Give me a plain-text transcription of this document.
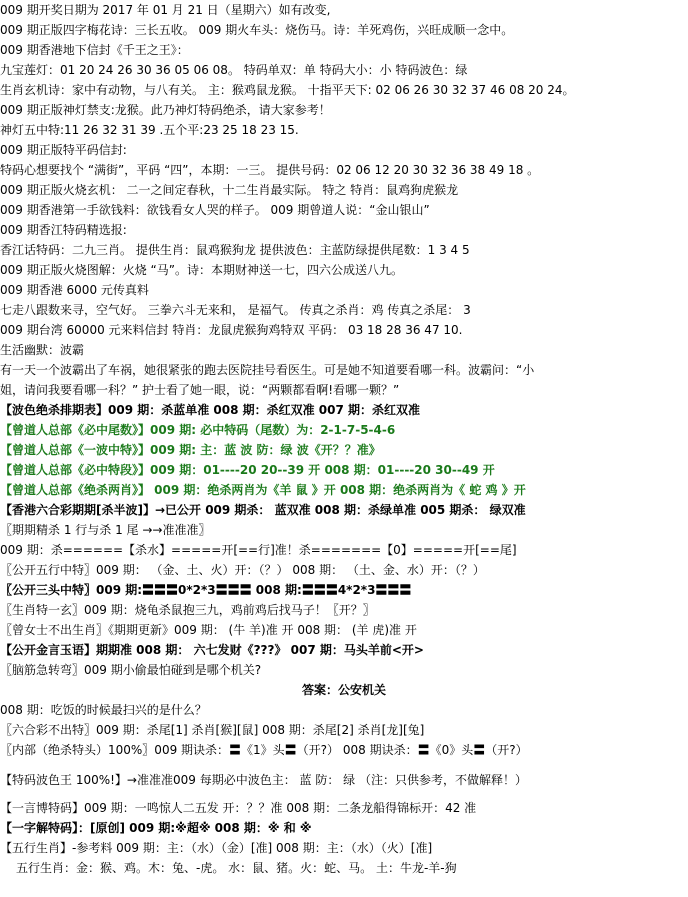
009 期开奖日期为 2017 年 01 月 21 日（星期六）如有改变,
009 期正版四字梅花诗：三长五收。 009 期火车头：烧伤马。诗：羊死鸡伤，兴旺成顺一念中。
009 期香港地下信封《千王之王》：
九宝莲灯：01 20 24 26 30 36 05 06 08。 特码单双：单 特码大小：小 特码波色：绿
生肖玄机诗：家中有动物，与八有关。 主：猴鸡鼠龙猴。 十指平天下: 02 06 26 30 32 37 46 08 20 24。
009 期正版神灯禁支:龙猴。此乃神灯特码绝杀，请大家参考！
神灯五中特:11 26 32 31 39 .五个平:23 25 18 23 15.
009 期正版特平码信封:
特码心想要找个 “满街”，平码 “四”，本期：一三。 提供号码：02 06 12 20 30 32 36 38 49 18 。
009 期正版火烧玄机： 二一之间定春秋，十二生肖最实际。 特之 特肖：鼠鸡狗虎猴龙
009 期香港第一手欲钱料：欲钱看女人哭的样子。 009 期曾道人说：“金山银山”
009 期香江特码精选报:
香江话特码：二九三肖。 提供生肖：鼠鸡猴狗龙 提供波色：主蓝防绿提供尾数：1 3 4 5
009 期正版火烧图解：火烧 “马”。诗：本期财神送一七，四六公成送八九。
009 期香港 6000 元传真料
七走八跟数来寻，空气好。 三拳六斗无来和， 是福气。 传真之杀肖：鸡 传真之杀尾： 3
009 期台湾 60000 元来料信封 特肖：龙鼠虎猴狗鸡特双 平码： 03 18 28 36 47 10.
生活幽默：波霸
有一天一个波霸出了车祸，她很紧张的跑去医院挂号看医生。可是她不知道要看哪一科。波霸问：“小
姐，请问我要看哪一科？” 护士看了她一眼，说：“两颗都看啊!看哪一颗？”
【波色绝杀排期表】009 期：杀蓝单准 008 期：杀红双准 007 期：杀红双准
【曾道人总部《必中尾数》】009 期: 必中特码（尾数）为：2-1-7-5-4-6
【曾道人总部《一波中特》】009 期: 主：蓝 波 防：绿 波《开？？准》
【曾道人总部《必中特段》】009 期：01----20 20--39 开 008 期：01----20 30--49 开
【曾道人总部《绝杀两肖》】 009 期：绝杀两肖为《羊 鼠 》开 008 期：绝杀两肖为《 蛇 鸡 》开
【香港六合彩期期[杀半波]】→已公开 009 期杀： 蓝双准 008 期：杀绿单准 005 期杀： 绿双准
〖期期精杀 1 行与杀 1 尾 →→准准准〗
009 期：杀======【杀水】=====开[==行]准！杀=======【0】=====开[==尾]
〖公开五行中特〗009 期： （金、土、火）开：（？） 008 期： （土、金、水）开：（？）
〖公开三头中特〗009 期:〓〓〓0*2*3〓〓〓 008 期:〓〓〓4*2*3〓〓〓
〖生肖特一玄〗009 期：烧龟杀鼠抱三九，鸡前鸡后找马子！〖开？〗
〖曾女士不出生肖〗《期期更新》009 期： (牛 羊)准 开 008 期： (羊 虎)准 开
【公开金言玉语】期期准 008 期： 六七发财《???》 007 期：马头羊前<开>
〖脑筋急转弯〗009 期小偷最怕碰到是哪个机关?
答案：公安机关
008 期：吃饭的时候最扫兴的是什么？
〖六合彩不出特〗009 期：杀尾[1] 杀肖[猴][鼠] 008 期：杀尾[2] 杀肖[龙][兔]
〖内部（绝杀特头）100%〗009 期诀杀：〓《1》头〓（开?） 008 期诀杀：〓《0》头〓（开?）
【特码波色王 100%!】→准准准009 每期必中波色主： 蓝 防： 绿 （注：只供参考，不做解释！）
【一言博特码】009 期：一鸣惊人二五发 开：？？准 008 期：二条龙船得锦标开：42 准
【一字解特码】：[原创] 009 期:※超※ 008 期：※ 和 ※
【五行生肖】-参考料 009 期：主：（水）（金）[准] 008 期：主：（水）（火）[准]
五行生肖：金：猴、鸡。木：兔、-虎。 水：鼠、猪。火：蛇、马。 土：牛龙-羊-狗
